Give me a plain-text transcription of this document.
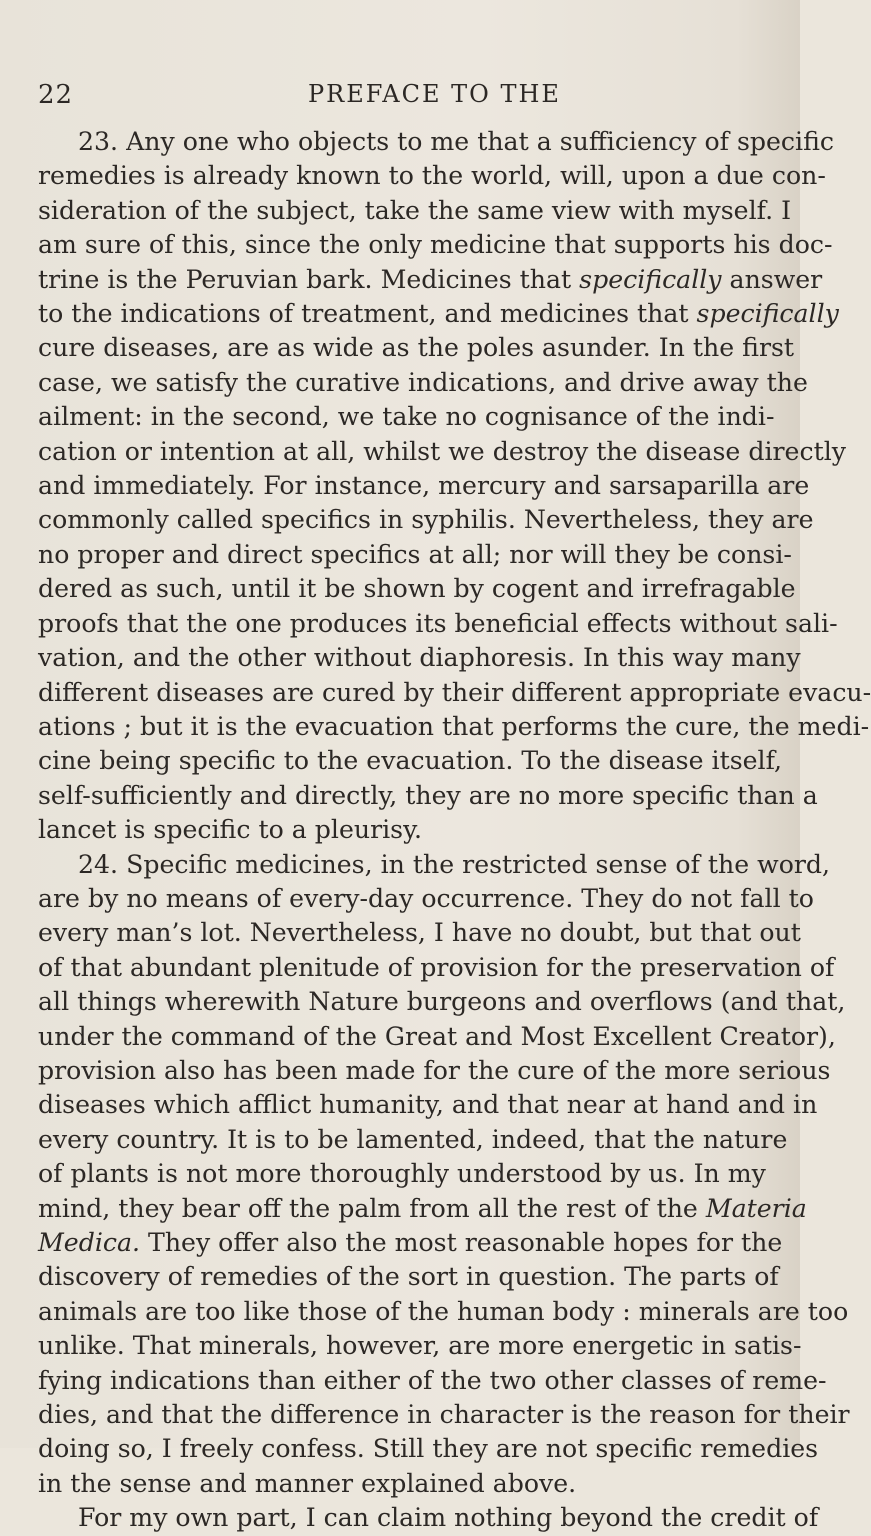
22	PREFACE TO THE
23. Any one who objects to me that a sufficiency of specific
remedies is already known to the world, will, upon a due con-
sideration of the subject, take the same view with myself. I
am sure of this, since the only medicine that supports his doc-
trine is the Peruvian bark. Medicines that specifically answer
to the indications of treatment, and medicines that specifically
cure diseases, are as wide as the poles asunder. In the first
case, we satisfy the curative indications, and drive away the
ailment: in the second, we take no cognisance of the indi-
cation or intention at all, whilst we destroy the disease directly
and immediately. For instance, mercury and sarsaparilla are
commonly called specifics in syphilis. Nevertheless, they are
no proper and direct specifics at all; nor will they be consi-
dered as such, until it be shown by cogent and irrefragable
proofs that the one produces its beneficial effects without sali-
vation, and the other without diaphoresis. In this way many
different diseases are cured by their different appropriate evacu-
ations ; but it is the evacuation that performs the cure, the medi-
cine being specific to the evacuation. To the disease itself,
self-sufficiently and directly, they are no more specific than a
lancet is specific to a pleurisy.
24. Specific medicines, in the restricted sense of the word,
are by no means of every-day occurrence. They do not fall to
every man’s lot. Nevertheless, I have no doubt, but that out
of that abundant plenitude of provision for the preservation of
all things wherewith Nature burgeons and overflows (and that,
under the command of the Great and Most Excellent Creator),
provision also has been made for the cure of the more serious
diseases which afflict humanity, and that near at hand and in
every country. It is to be lamented, indeed, that the nature
of plants is not more thoroughly understood by us. In my
mind, they bear off the palm from all the rest of the Materia
Medica. They offer also the most reasonable hopes for the
discovery of remedies of the sort in question. The parts of
animals are too like those of the human body : minerals are too
unlike. That minerals, however, are more energetic in satis-
fying indications than either of the two other classes of reme-
dies, and that the difference in character is the reason for their
doing so, I freely confess. Still they are not specific remedies
in the sense and manner explained above.
For my own part, I can claim nothing beyond the credit of
